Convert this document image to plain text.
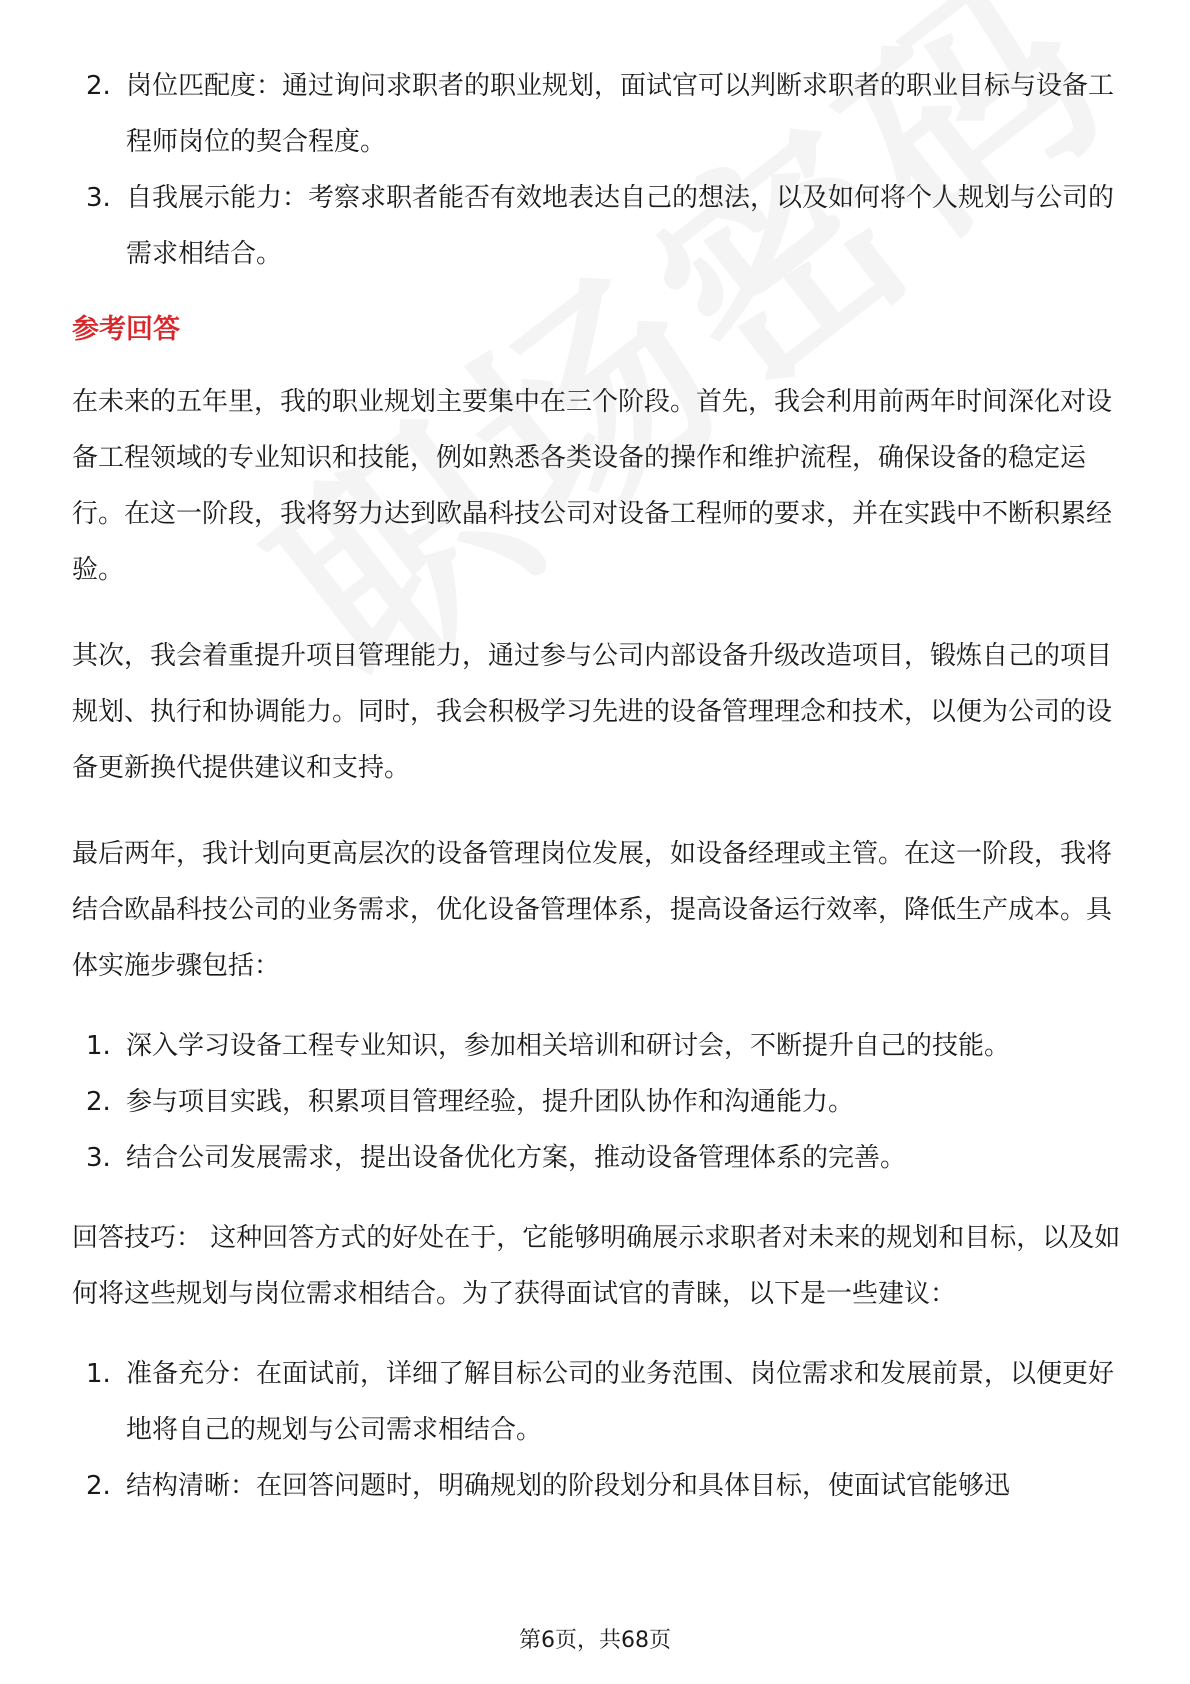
2. 岗位匹配度：通过询问求职者的职业规划，面试官可以判断求职者的职业目标与设备工程师岗位的契合程度。
3. 自我展示能力：考察求职者能否有效地表达自己的想法，以及如何将个人规划与公司的需求相结合。
参考回答

在未来的五年里，我的职业规划主要集中在三个阶段。首先，我会利用前两年时间深化对设备工程领域的专业知识和技能，例如熟悉各类设备的操作和维护流程，确保设备的稳定运行。在这一阶段，我将努力达到欧晶科技公司对设备工程师的要求，并在实践中不断积累经验。

其次，我会着重提升项目管理能力，通过参与公司内部设备升级改造项目，锻炼自己的项目规划、执行和协调能力。同时，我会积极学习先进的设备管理理念和技术，以便为公司的设备更新换代提供建议和支持。

最后两年，我计划向更高层次的设备管理岗位发展，如设备经理或主管。在这一阶段，我将结合欧晶科技公司的业务需求，优化设备管理体系，提高设备运行效率，降低生产成本。具体实施步骤包括：

1. 深入学习设备工程专业知识，参加相关培训和研讨会，不断提升自己的技能。
2. 参与项目实践，积累项目管理经验，提升团队协作和沟通能力。
3. 结合公司发展需求，提出设备优化方案，推动设备管理体系的完善。

回答技巧： 这种回答方式的好处在于，它能够明确展示求职者对未来的规划和目标，以及如何将这些规划与岗位需求相结合。为了获得面试官的青睐，以下是一些建议：

1. 准备充分：在面试前，详细了解目标公司的业务范围、岗位需求和发展前景，以便更好地将自己的规划与公司需求相结合。
2. 结构清晰：在回答问题时，明确规划的阶段划分和具体目标，使面试官能够迅
第6页，共68页
